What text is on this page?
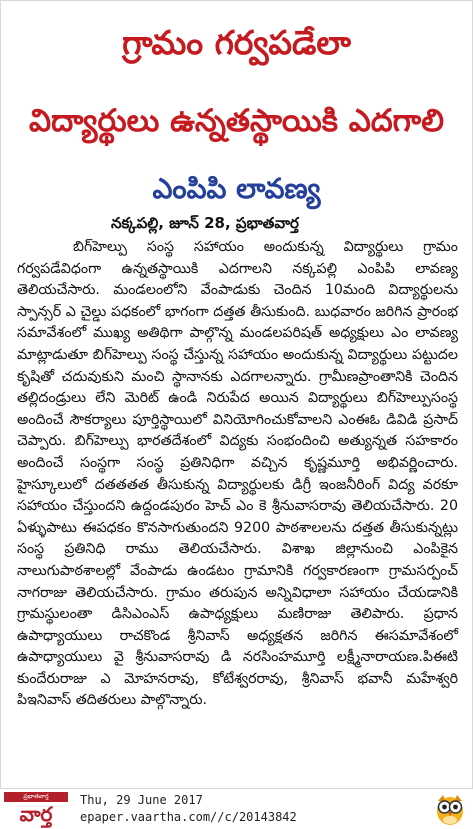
గ్రామం గర్వపడేలా
విద్యార్థులు ఉన్నతస్థాయికి ఎదగాలి
ఎంపిపి లావణ్య
నక్కపల్లి, జూన్ 28, ప్రభాతవార్త

బిగ్‌హెల్పు సంస్థ సహాయం అందుకున్న విద్యార్థులు గ్రామం గర్వపడేవిధంగా ఉన్నతస్థాయికి ఎదగాలని నక్కపల్లి ఎంపిపి లావణ్య తెలియచేసారు. మండలంలోని వేంపాడుకు చెందిన 10మంది విద్యార్థులను స్పాన్సర్ ఎ చైల్డు పధకంలో భాగంగా దత్తత తీసుకుంది. బుధవారం జరిగిన ప్రారంభ సమావేశంలో ముఖ్య అతిథిగా పాల్గొన్న మండలపరిషత్ అధ్యక్షులు ఎం లావణ్య మాట్లాడుతూ బిగ్‌హెల్పు సంస్థ చేస్తున్న సహాయం అందుకున్న విద్యార్థులు పట్టుదల కృషితో చదువుకుని మంచి స్థానానకు ఎదగాలన్నారు. గ్రామీణప్రాంతానికి చెందిన తల్లిదండ్రులు లేని మెరిట్ ఉండి నిరుపేద అయిన విద్యార్థులు బిగ్‌హెల్పుసంస్థ అందించే సౌకర్యాలు పూర్తిస్థాయిలో వినియోగించుకోవాలని ఎంఈఓ డివిడి ప్రసాద్ చెప్పారు. బిగ్‌హెల్పు భారతదేశంలో విద్యకు సంభందించి అత్యున్నత సహకారం అందించే సంస్థగా సంస్థ ప్రతినిధిగా వచ్చిన కృష్ణమూర్తి అభివర్ణించారు. హైస్కూలులో దతతతత తీసుకున్న విద్యార్థులకు డిగ్రీ ఇంజనీరింగ్ విద్య వరకూ సహాయం చేస్తుందని ఉద్దండపురం హెచ్ ఎం కె శ్రీనువాసరావు తెలియచేసారు. 20 ఏళ్ళుపాటు ఈపధకం కొనసాగుతుందని 9200 పాఠశాలలను దత్తత తీసుకున్నట్లు సంస్థ ప్రతినిధి రాము తెలియచేసారు. విశాఖ జిల్లానుంచి ఎంపికైన నాలుగుపాఠశాలల్లో వేంపాడు ఉండటం గ్రామానికి గర్వకారణంగా గ్రామసర్పంచ్ నాగరాజు తెలియచేసారు. గ్రామం తరుపున అన్నివిధాలా సహాయం చేయడానికి గ్రామస్థులంతా డిసిఎంఎస్ ఉపాధ్యక్షులు మణిరాజు తెలిపారు. ప్రధాన ఉపాధ్యాయులు రాచకొండ శ్రీనివాస్ అధ్యక్షతన జరిగిన ఈసమావేశంలో ఉపాధ్యాయులు వై శ్రీనువాసరావు డి నరసింహమూర్తి లక్ష్మీనారాయణ.పిఈటి కుందేరురాజు ఎ మోహనరావు, కోటేశ్వరరావు, శ్రీనివాస్ భవానీ మహేశ్వరి పిఇనివాస్ తదితరులు పాల్గొన్నారు.

ప్రభాతవార్త
వార్త
Thu, 29 June 2017
epaper.vaartha.com//c/20143842
